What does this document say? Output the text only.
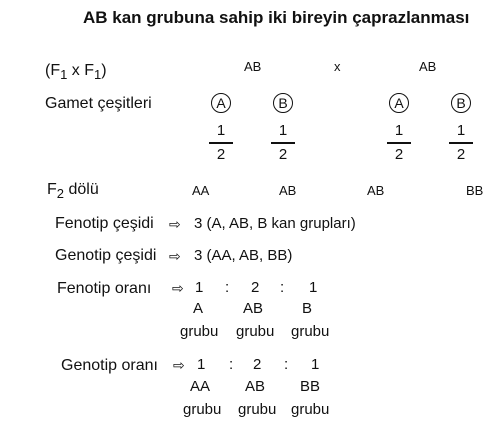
AB kan grubuna sahip iki bireyin çaprazlanması
($F_1$ x $F_1$)	AB	x	AB
Gamet çeşitleri	A	B	A	B
1
2
1
2
1
2
1
2
$F_2$ dölü	AA	AB	AB	BB
Fenotip çeşidi ⇨ 3 (A, AB, B kan grupları)
Genotip çeşidi ⇨ 3 (AA, AB, BB)
Fenotip oranı ⇨ 1 : 2 : 1
A	AB	B
grubu grubu grubu
Genotip oranı ⇨ 1 : 2 : 1
AA AB BB
grubu grubu grubu
